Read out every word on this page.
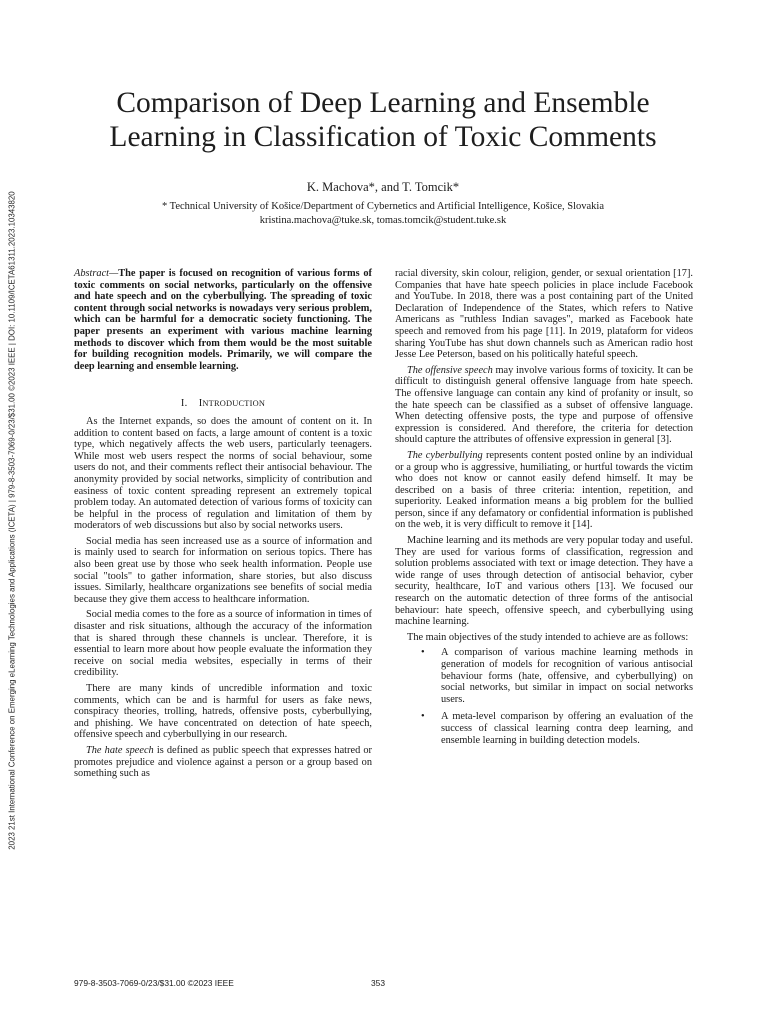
2023 21st International Conference on Emerging eLearning Technologies and Applications (ICETA) | 979-8-3503-7069-0/23/$31.00 ©2023 IEEE | DOI: 10.1109/ICETA61311.2023.10343820
Comparison of Deep Learning and Ensemble
Learning in Classification of Toxic Comments
K. Machova*, and T. Tomcik*
* Technical University of Košice/Department of Cybernetics and Artificial Intelligence, Košice, Slovakia
kristina.machova@tuke.sk, tomas.tomcik@student.tuke.sk

Abstract—The paper is focused on recognition of various forms of toxic comments on social networks, particularly on the offensive and hate speech and on the cyberbullying. The spreading of toxic content through social networks is nowadays very serious problem, which can be harmful for a democratic society functioning. The paper presents an experiment with various machine learning methods to discover which from them would be the most suitable for building recognition models. Primarily, we will compare the deep learning and ensemble learning.

I. INTRODUCTION

As the Internet expands, so does the amount of content on it. In addition to content based on facts, a large amount of content is a toxic type, which negatively affects the web users, particularly teenagers. While most web users respect the norms of social behaviour, some users do not, and their comments reflect their antisocial behaviour. The anonymity provided by social networks, simplicity of contribution and easiness of toxic content spreading represent an extremely topical problem today. An automated detection of various forms of toxicity can be helpful in the process of regulation and limitation of them by moderators of web discussions but also by social networks users.

Social media has seen increased use as a source of information and is mainly used to search for information on serious topics. There has also been great use by those who seek health information. People use social "tools" to gather information, share stories, but also discuss issues. Similarly, healthcare organizations see benefits of social media because they give them access to healthcare information.

Social media comes to the fore as a source of information in times of disaster and risk situations, although the accuracy of the information that is shared through these channels is unclear. Therefore, it is essential to learn more about how people evaluate the information they receive on social media websites, especially in terms of their credibility.

There are many kinds of uncredible information and toxic comments, which can be and is harmful for users as fake news, conspiracy theories, trolling, hatreds, offensive posts, cyberbullying, and phishing. We have concentrated on detection of hate speech, offensive speech and cyberbullying in our research.

The hate speech is defined as public speech that expresses hatred or promotes prejudice and violence against a person or a group based on something such as

racial diversity, skin colour, religion, gender, or sexual orientation [17]. Companies that have hate speech policies in place include Facebook and YouTube. In 2018, there was a post containing part of the United Declaration of Independence of the States, which refers to Native Americans as "ruthless Indian savages", marked as Facebook hate speech and removed from his page [11]. In 2019, plataform for videos sharing YouTube has shut down channels such as American radio host Jesse Lee Peterson, based on his politically hateful speech.

The offensive speech may involve various forms of toxicity. It can be difficult to distinguish general offensive language from hate speech. The offensive language can contain any kind of profanity or insult, so the hate speech can be classified as a subset of offensive language. When detecting offensive posts, the type and purpose of offensive expression is considered. And therefore, the criteria for detection should capture the attributes of offensive expression in general [3].

The cyberbullying represents content posted online by an individual or a group who is aggressive, humiliating, or hurtful towards the victim who does not know or cannot easily defend himself. It may be described on a basis of three criteria: intention, repetition, and superiority. Leaked information means a big problem for the bullied person, since if any defamatory or confidential information is published on the web, it is very difficult to remove it [14].

Machine learning and its methods are very popular today and useful. They are used for various forms of classification, regression and solution problems associated with text or image detection. They have a wide range of uses through detection of antisocial behavior, cyber security, healthcare, IoT and various others [13]. We focused our research on the automatic detection of three forms of the antisocial behaviour: hate speech, offensive speech, and cyberbullying using machine learning.

The main objectives of the study intended to achieve are as follows:

• A comparison of various machine learning methods in generation of models for recognition of various antisocial behaviour forms (hate, offensive, and cyberbullying) on social networks, but similar in impact on social networks users.
• A meta-level comparison by offering an evaluation of the success of classical learning contra deep learning, and ensemble learning in building detection models.
979-8-3503-7069-0/23/$31.00 ©2023 IEEE	353
